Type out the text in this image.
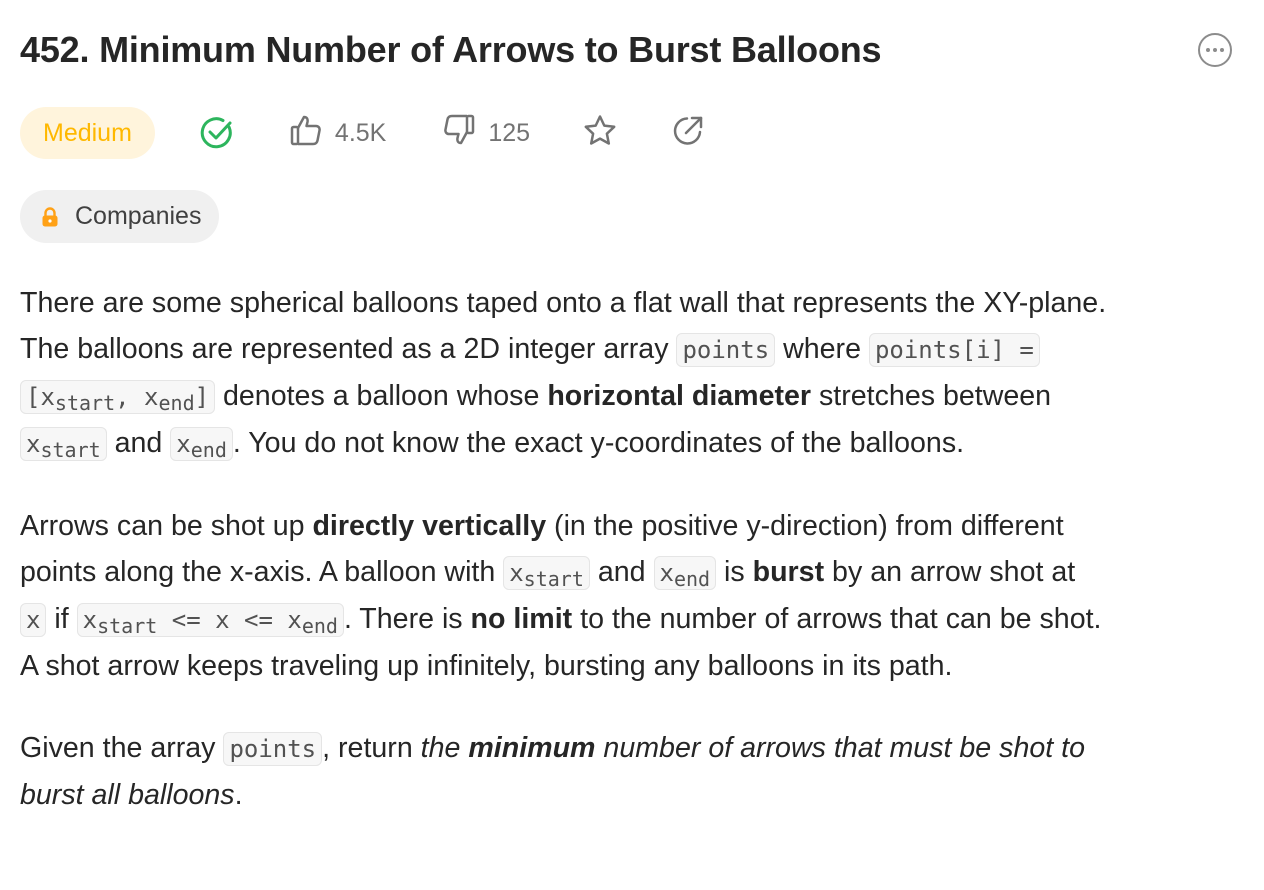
452. Minimum Number of Arrows to Burst Balloons
Medium	4.5K	125
Companies

There are some spherical balloons taped onto a flat wall that represents the XY-plane.
The balloons are represented as a 2D integer array points where points[i] =
[$x_{start}$, $x_{end}$] denotes a balloon whose horizontal diameter stretches between
$x_{start}$ and $x_{end}$ . You do not know the exact y-coordinates of the balloons.

Arrows can be shot up directly vertically (in the positive y-direction) from different
points along the x-axis. A balloon with $x_{start}$ and $x_{end}$ is burst by an arrow shot at
x if $x_{start} <= x <= x_{end}$ . There is no limit to the number of arrows that can be shot.
A shot arrow keeps traveling up infinitely, bursting any balloons in its path.

Given the array points , return the minimum number of arrows that must be shot to
burst all balloons.
